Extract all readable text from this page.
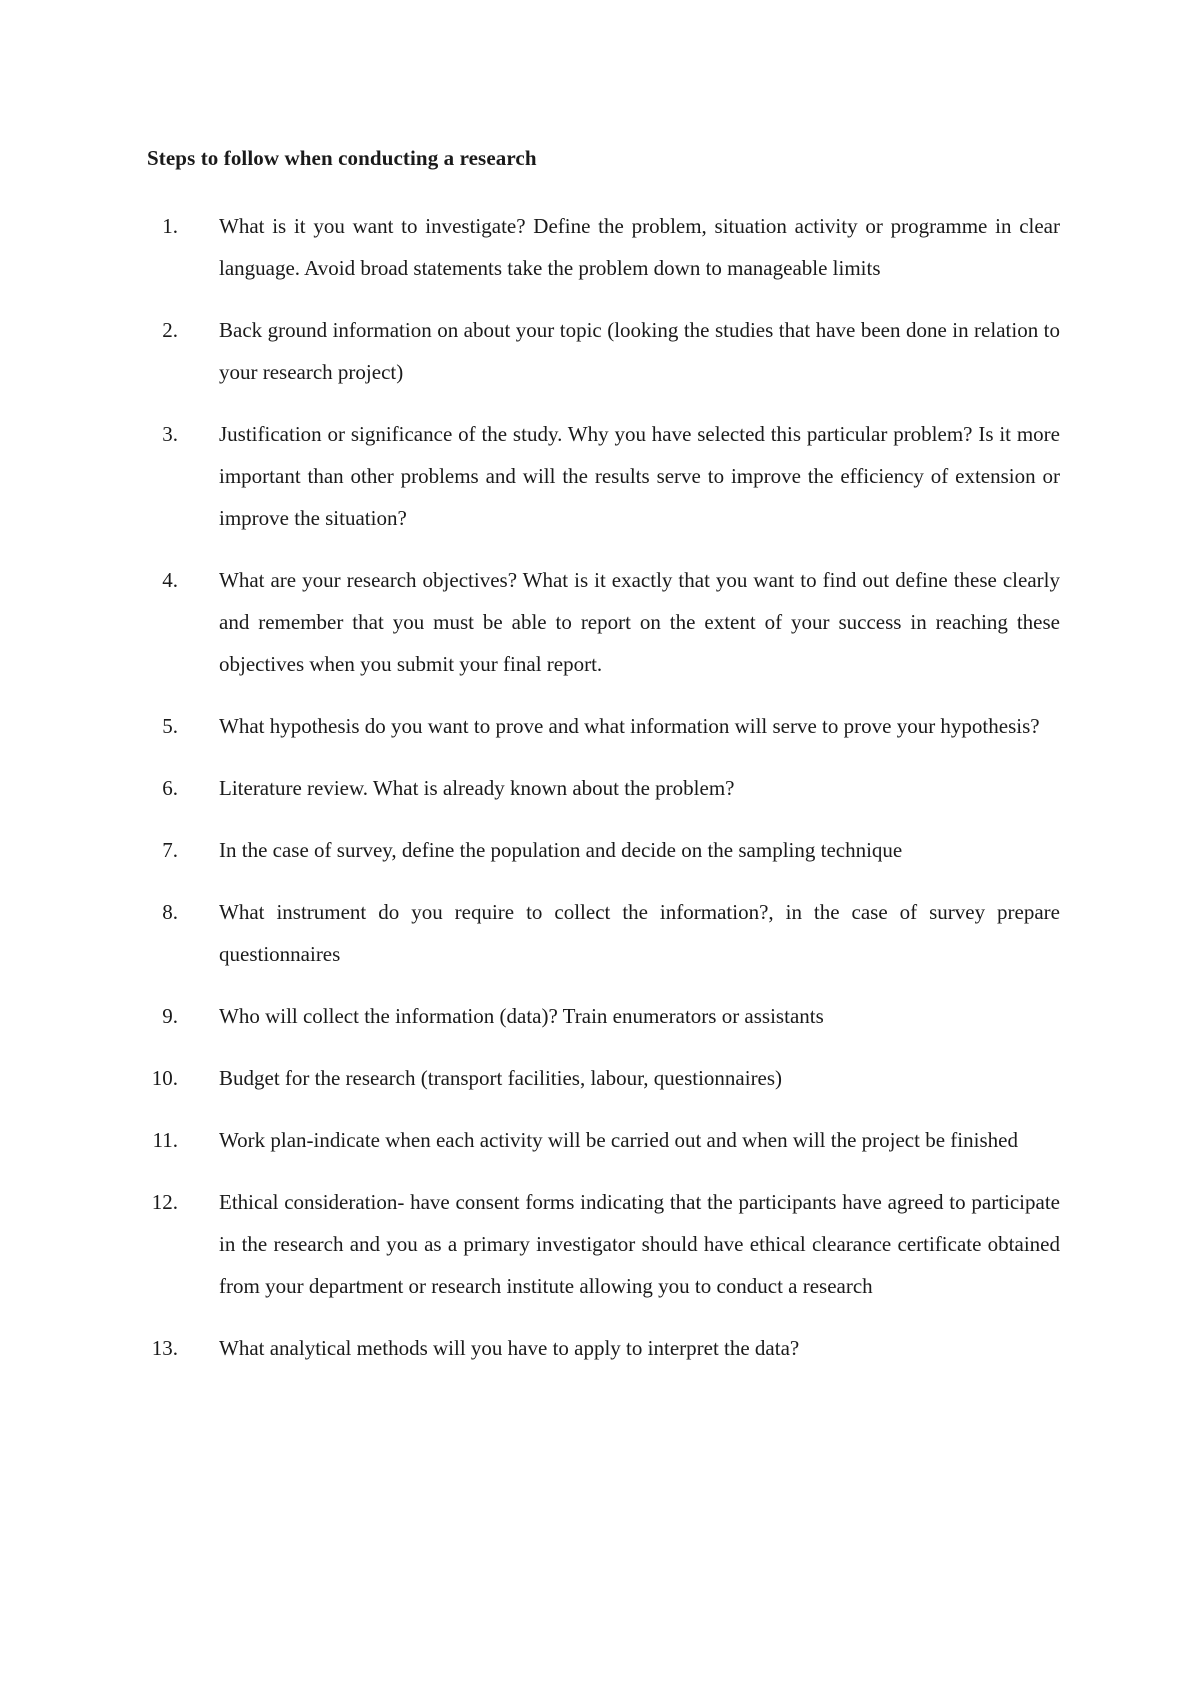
Steps to follow when conducting a research
1. What is it you want to investigate? Define the problem, situation activity or programme in clear language. Avoid broad statements take the problem down to manageable limits
2. Back ground information on about your topic (looking the studies that have been done in relation to your research project)
3. Justification or significance of the study. Why you have selected this particular problem? Is it more important than other problems and will the results serve to improve the efficiency of extension or improve the situation?
4. What are your research objectives? What is it exactly that you want to find out define these clearly and remember that you must be able to report on the extent of your success in reaching these objectives when you submit your final report.
5. What hypothesis do you want to prove and what information will serve to prove your hypothesis?
6. Literature review. What is already known about the problem?
7. In the case of survey, define the population and decide on the sampling technique
8. What instrument do you require to collect the information?, in the case of survey prepare questionnaires
9. Who will collect the information (data)? Train enumerators or assistants
10. Budget for the research (transport facilities, labour, questionnaires)
11. Work plan-indicate when each activity will be carried out and when will the project be finished
12. Ethical consideration- have consent forms indicating that the participants have agreed to participate in the research and you as a primary investigator should have ethical clearance certificate obtained from your department or research institute allowing you to conduct a research
13. What analytical methods will you have to apply to interpret the data?
